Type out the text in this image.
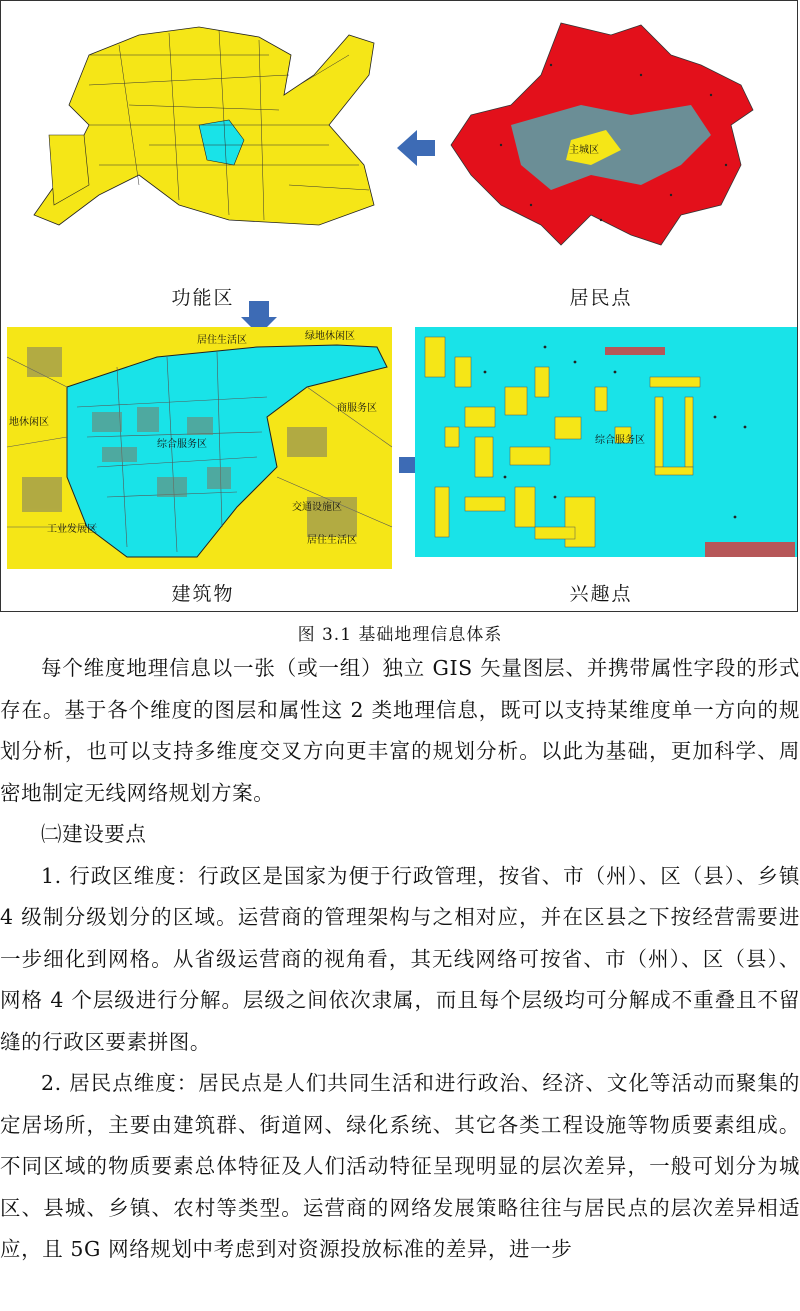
功能区
主城区
居民点
居住生活区	绿地休闲区
地休闲区
商服务区
综合服务区
交通设施区
工业发展区
居住生活区
建筑物
综合服务区
兴趣点
图 3.1 基础地理信息体系

每个维度地理信息以一张（或一组）独立 GIS 矢量图层、并携带属性字段的形式存在。基于各个维度的图层和属性这 2 类地理信息，既可以支持某维度单一方向的规划分析，也可以支持多维度交叉方向更丰富的规划分析。以此为基础，更加科学、周密地制定无线网络规划方案。

㈡建设要点

1. 行政区维度：行政区是国家为便于行政管理，按省、市（州）、区（县）、乡镇 4 级制分级划分的区域。运营商的管理架构与之相对应，并在区县之下按经营需要进一步细化到网格。从省级运营商的视角看，其无线网络可按省、市（州）、区（县）、网格 4 个层级进行分解。层级之间依次隶属，而且每个层级均可分解成不重叠且不留缝的行政区要素拼图。

2. 居民点维度：居民点是人们共同生活和进行政治、经济、文化等活动而聚集的定居场所，主要由建筑群、街道网、绿化系统、其它各类工程设施等物质要素组成。不同区域的物质要素总体特征及人们活动特征呈现明显的层次差异，一般可划分为城区、县城、乡镇、农村等类型。运营商的网络发展策略往往与居民点的层次差异相适应，且 5G 网络规划中考虑到对资源投放标准的差异，进一步
